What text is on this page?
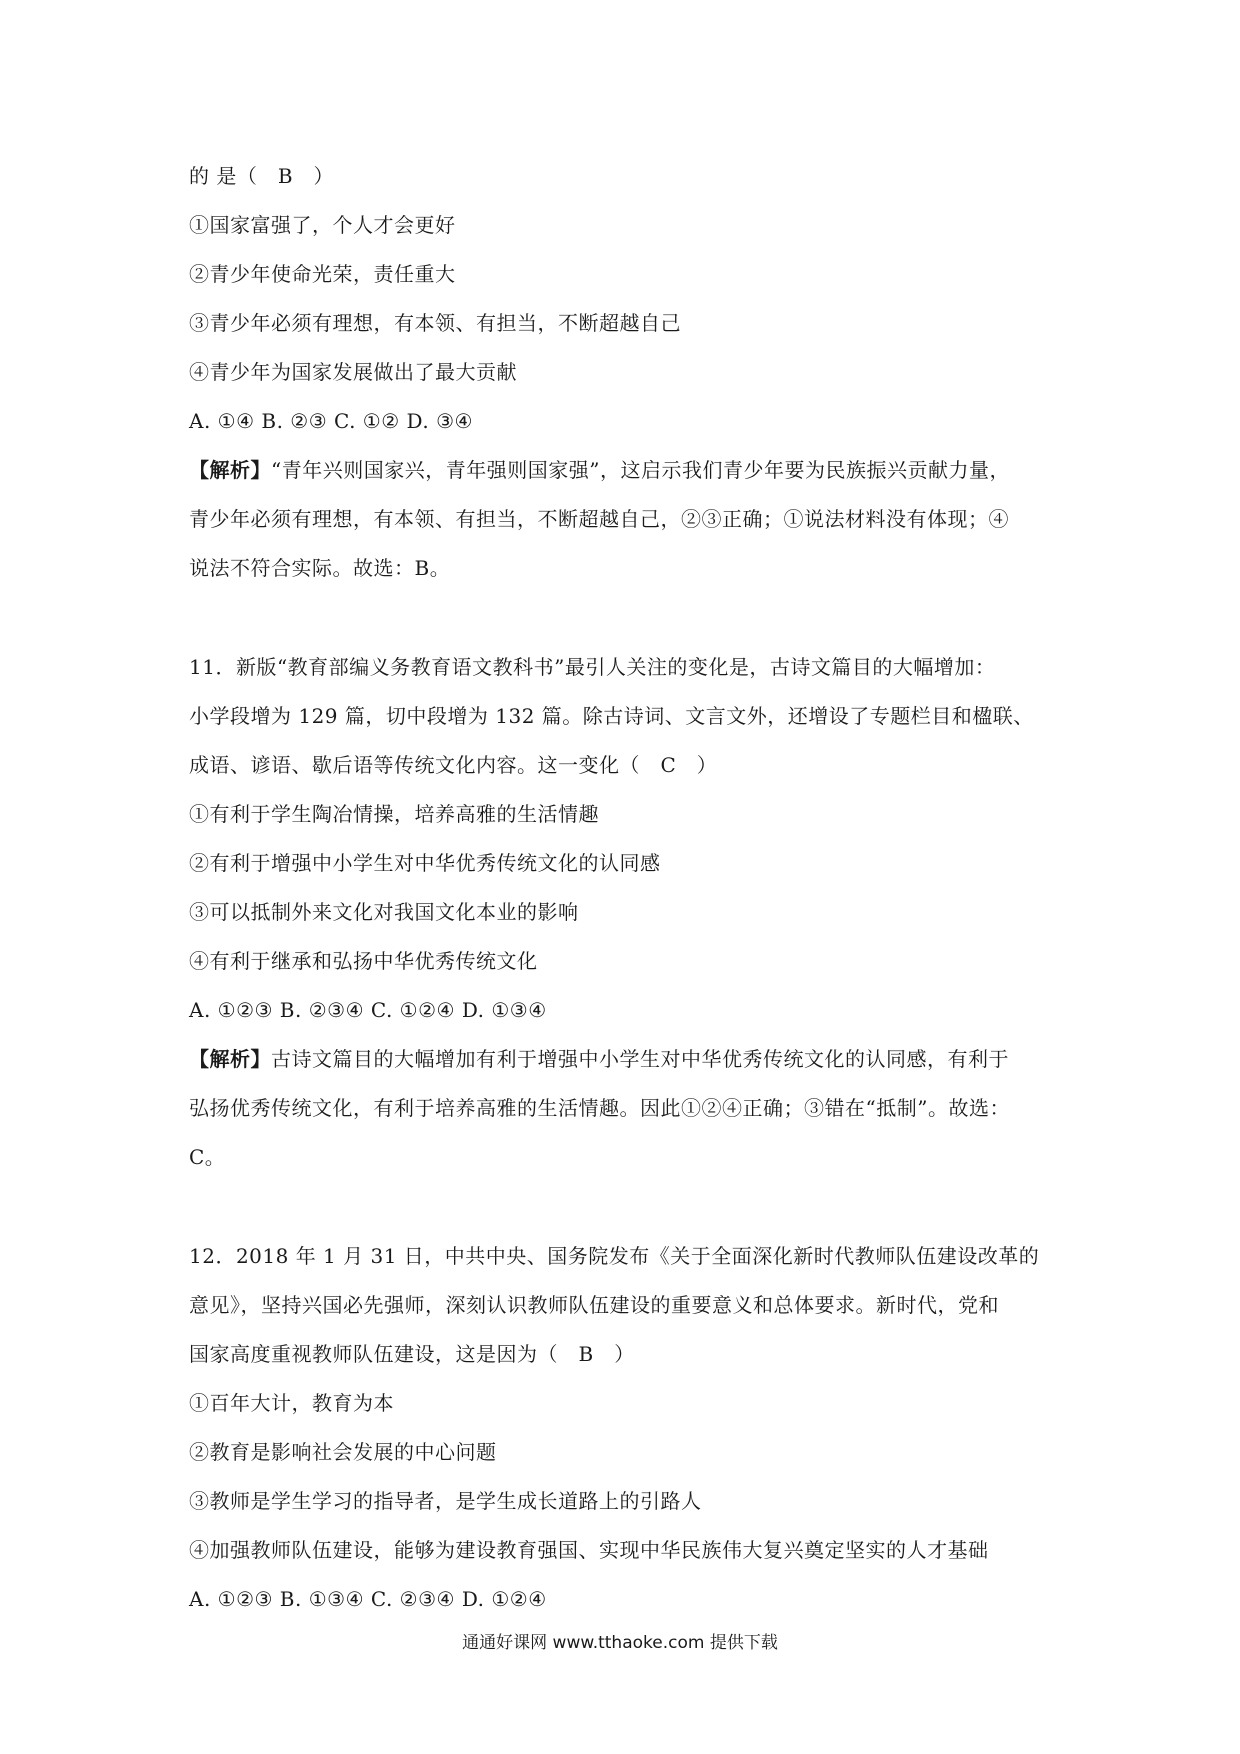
的 是（　B　）
①国家富强了，个人才会更好
②青少年使命光荣，责任重大
③青少年必须有理想，有本领、有担当，不断超越自己
④青少年为国家发展做出了最大贡献
A. ①④ B. ②③ C. ①② D. ③④
【解析】“青年兴则国家兴，青年强则国家强”，这启示我们青少年要为民族振兴贡献力量，
青少年必须有理想，有本领、有担当，不断超越自己，②③正确；①说法材料没有体现；④
说法不符合实际。故选：B。
11．新版“教育部编义务教育语文教科书”最引人关注的变化是，古诗文篇目的大幅增加：
小学段增为 129 篇，切中段增为 132 篇。除古诗词、文言文外，还增设了专题栏目和楹联、
成语、谚语、歇后语等传统文化内容。这一变化（　C　）
①有利于学生陶冶情操，培养高雅的生活情趣
②有利于增强中小学生对中华优秀传统文化的认同感
③可以抵制外来文化对我国文化本业的影响
④有利于继承和弘扬中华优秀传统文化
A. ①②③ B. ②③④ C. ①②④ D. ①③④
【解析】古诗文篇目的大幅增加有利于增强中小学生对中华优秀传统文化的认同感，有利于
弘扬优秀传统文化，有利于培养高雅的生活情趣。因此①②④正确；③错在“抵制”。故选：
C。
12．2018 年 1 月 31 日，中共中央、国务院发布《关于全面深化新时代教师队伍建设改革的
意见》，坚持兴国必先强师，深刻认识教师队伍建设的重要意义和总体要求。新时代，党和
国家高度重视教师队伍建设，这是因为（　B　）
①百年大计，教育为本
②教育是影响社会发展的中心问题
③教师是学生学习的指导者，是学生成长道路上的引路人
④加强教师队伍建设，能够为建设教育强国、实现中华民族伟大复兴奠定坚实的人才基础
A. ①②③ B. ①③④ C. ②③④ D. ①②④
通通好课网 www.tthaoke.com 提供下载
